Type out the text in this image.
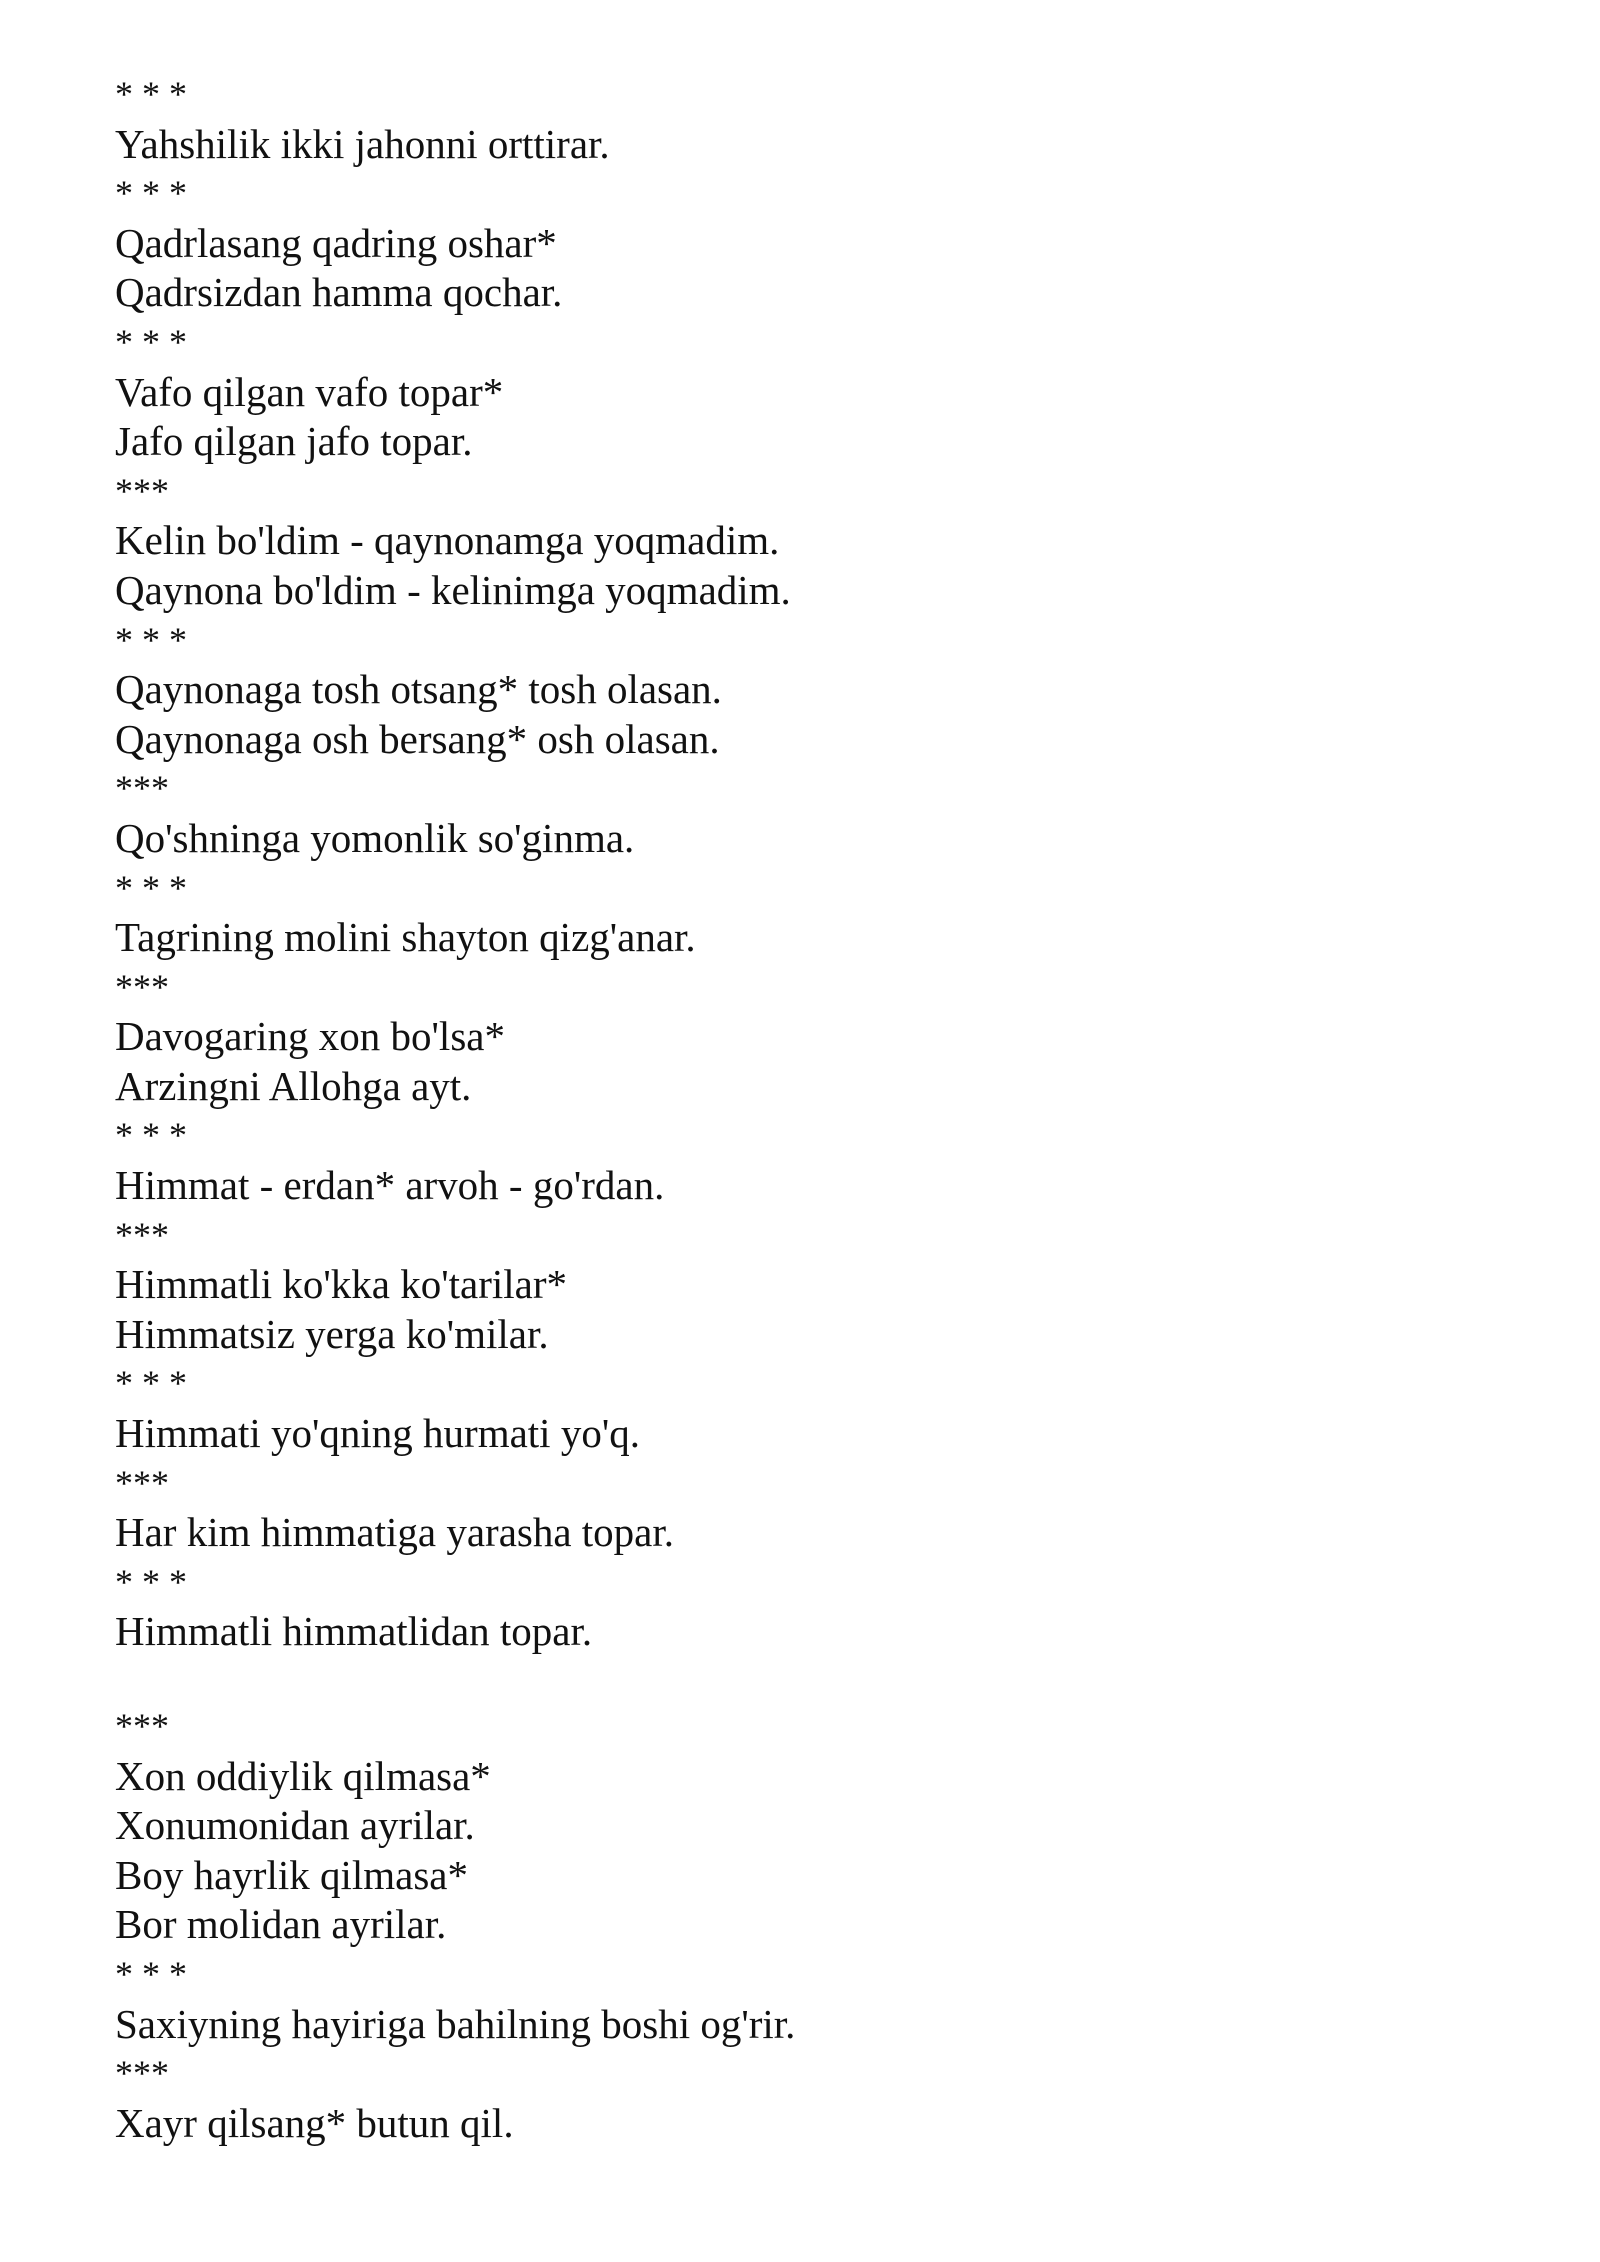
* * *
Yahshilik ikki jahonni orttirar.
* * *
Qadrlasang qadring oshar*
Qadrsizdan hamma qochar.
* * *
Vafo qilgan vafo topar*
Jafo qilgan jafo topar.
***
Kelin bo'ldim - qaynonamga yoqmadim.
Qaynona bo'ldim - kelinimga yoqmadim.
* * *
Qaynonaga tosh otsang* tosh olasan.
Qaynonaga osh bersang* osh olasan.
***
Qo'shninga yomonlik so'ginma.
* * *
Tagrining molini shayton qizg'anar.
***
Davogaring xon bo'lsa*
Arzingni Allohga ayt.
* * *
Himmat - erdan* arvoh - go'rdan.
***
Himmatli ko'kka ko'tarilar*
Himmatsiz yerga ko'milar.
* * *
Himmati yo'qning hurmati yo'q.
***
Har kim himmatiga yarasha topar.
* * *
Himmatli himmatlidan topar.
***
Xon oddiylik qilmasa*
Xonumonidan ayrilar.
Boy hayrlik qilmasa*
Bor molidan ayrilar.
* * *
Saxiyning hayiriga bahilning boshi og'rir.
***
Xayr qilsang* butun qil.
